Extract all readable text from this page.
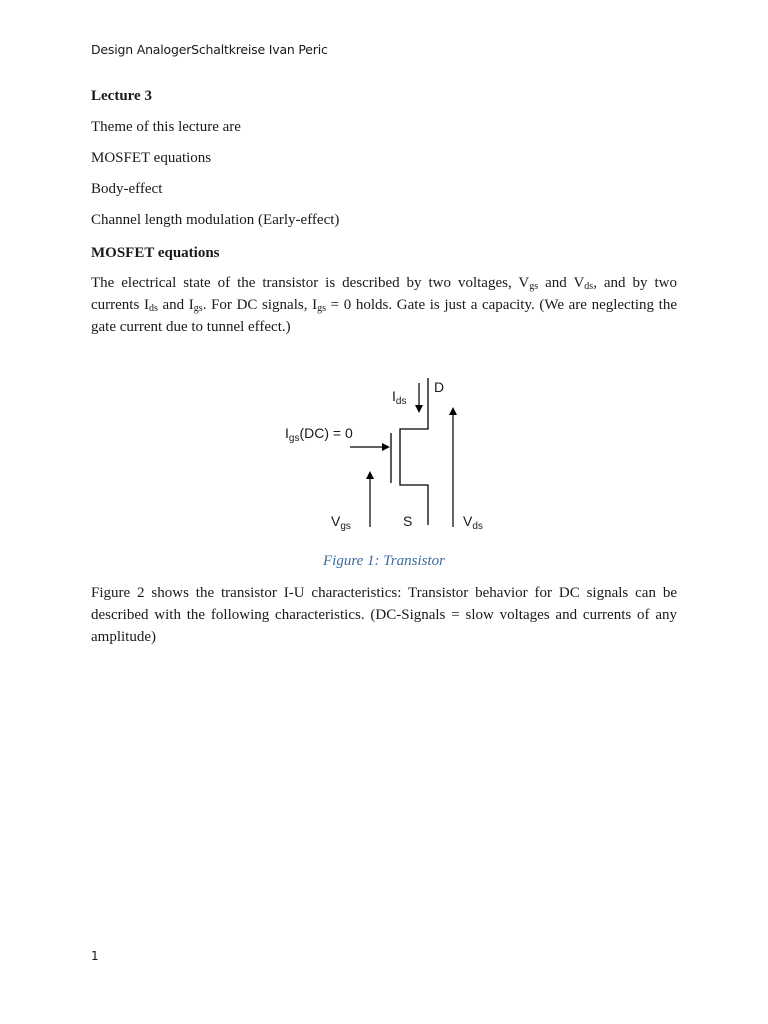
Design AnalogerSchaltkreise Ivan Peric

Lecture 3

Theme of this lecture are

MOSFET equations

Body-effect

Channel length modulation (Early-effect)

MOSFET equations

The electrical state of the transistor is described by two voltages, $V_{gs}$ and $V_{ds}$, and by two currents $I_{ds}$ and $I_{gs}$. For DC signals, $I_{gs} = 0$ holds. Gate is just a capacity. (We are neglecting the gate current due to tunnel effect.)

$I_{ds}$
D
$I_{gs}(DC) = 0$
$V_{gs}$	S	$V_{ds}$
Figure 1: Transistor

Figure 2 shows the transistor I-U characteristics: Transistor behavior for DC signals can be described with the following characteristics. (DC-Signals = slow voltages and currents of any amplitude)

1
